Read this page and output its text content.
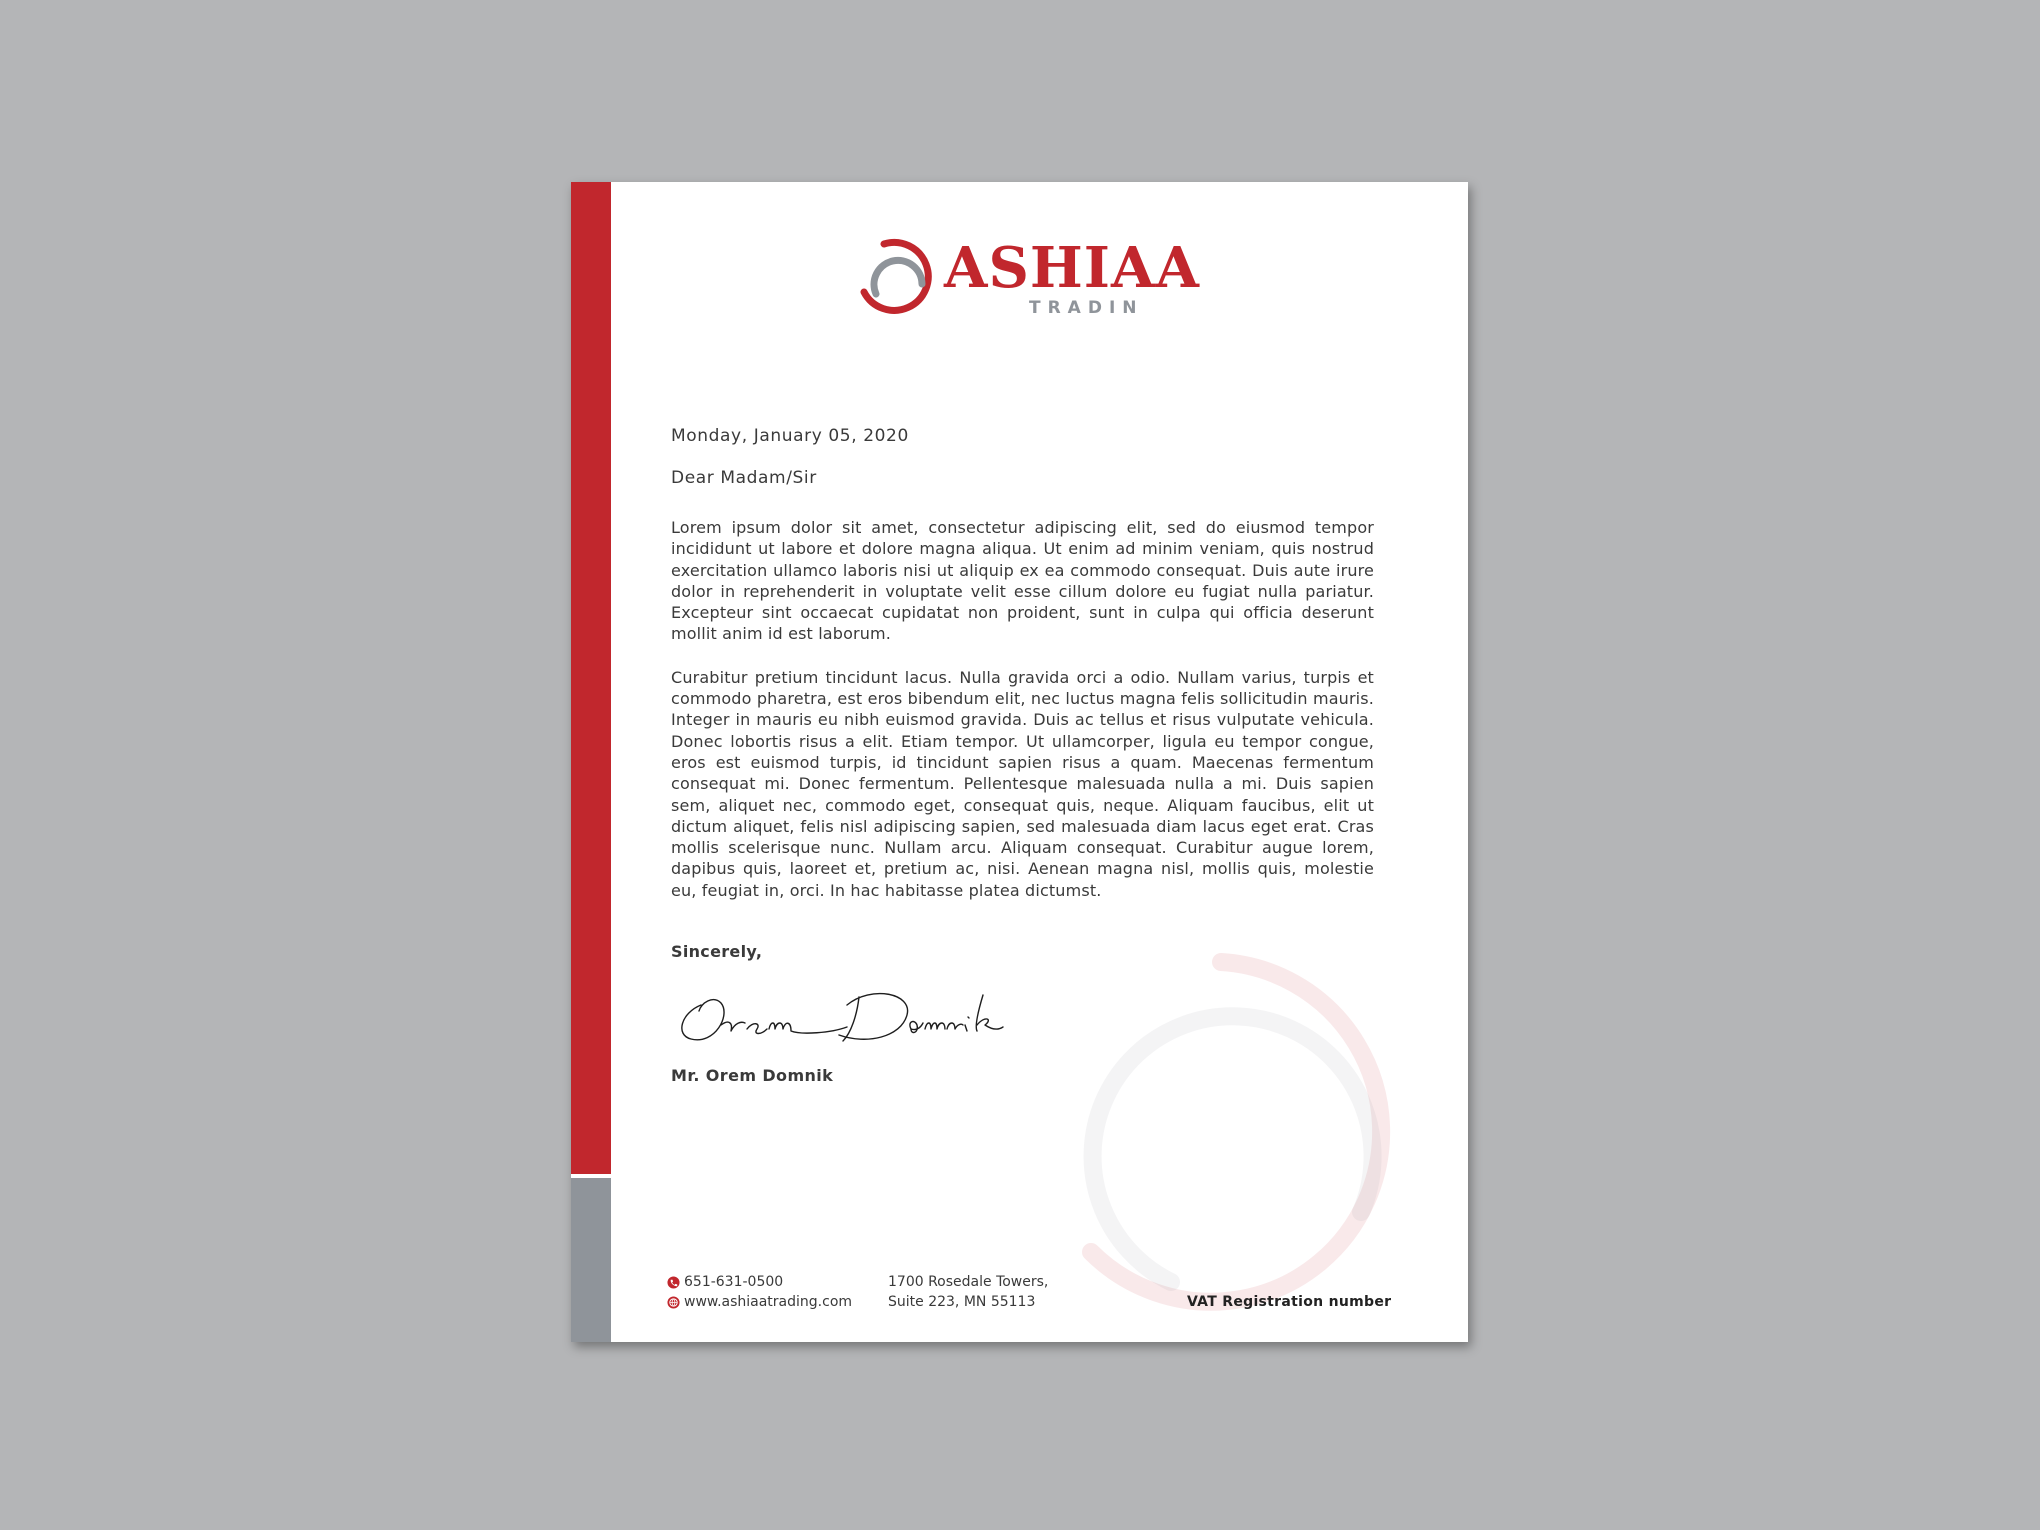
ASHIAA
TRADIN

Monday, January 05, 2020

Dear Madam/Sir

Lorem ipsum dolor sit amet, consectetur adipiscing elit, sed do eiusmod tempor incididunt ut labore et dolore magna aliqua. Ut enim ad minim veniam, quis nostrud exercitation ullamco laboris nisi ut aliquip ex ea commodo consequat. Duis aute irure dolor in reprehenderit in voluptate velit esse cillum dolore eu fugiat nulla pariatur. Excepteur sint occaecat cupidatat non proident, sunt in culpa qui officia deserunt mollit anim id est laborum.

Curabitur pretium tincidunt lacus. Nulla gravida orci a odio. Nullam varius, turpis et commodo pharetra, est eros bibendum elit, nec luctus magna felis sollicitudin mauris. Integer in mauris eu nibh euismod gravida. Duis ac tellus et risus vulputate vehicula. Donec lobortis risus a elit. Etiam tempor. Ut ullamcorper, ligula eu tempor congue, eros est euismod turpis, id tincidunt sapien risus a quam. Maecenas fermentum consequat mi. Donec fermentum. Pellentesque malesuada nulla a mi. Duis sapien sem, aliquet nec, commodo eget, consequat quis, neque. Aliquam faucibus, elit ut dictum aliquet, felis nisl adipiscing sapien, sed malesuada diam lacus eget erat. Cras mollis scelerisque nunc. Nullam arcu. Aliquam consequat. Curabitur augue lorem, dapibus quis, laoreet et, pretium ac, nisi. Aenean magna nisl, mollis quis, molestie eu, feugiat in, orci. In hac habitasse platea dictumst.

Sincerely,

Mr. Orem Domnik

651-631-0500
www.ashiaatrading.com
1700 Rosedale Towers,
Suite 223, MN 55113	VAT Registration number
